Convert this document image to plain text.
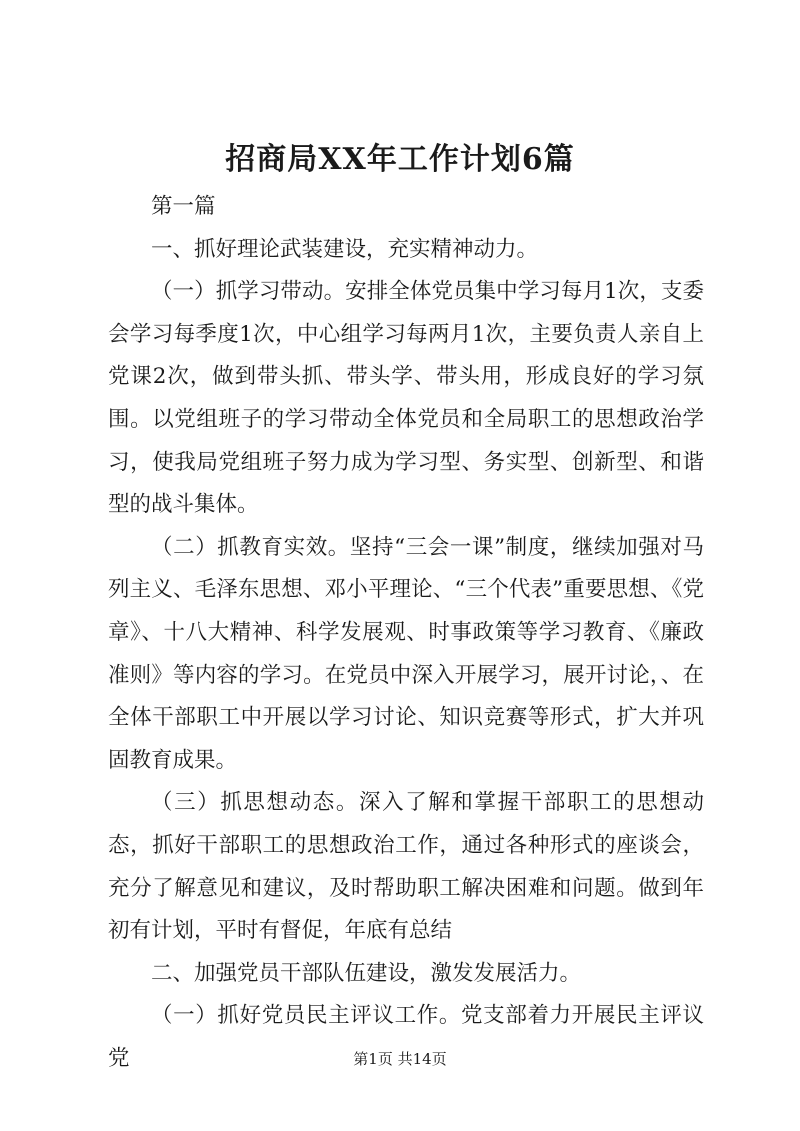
招商局XX年工作计划6篇

第一篇

一、抓好理论武装建设，充实精神动力。

（一）抓学习带动。安排全体党员集中学习每月1次，支委会学习每季度1次，中心组学习每两月1次，主要负责人亲自上党课2次，做到带头抓、带头学、带头用，形成良好的学习氛围。以党组班子的学习带动全体党员和全局职工的思想政治学习，使我局党组班子努力成为学习型、务实型、创新型、和谐型的战斗集体。

（二）抓教育实效。坚持“三会一课”制度，继续加强对马列主义、毛泽东思想、邓小平理论、“三个代表”重要思想、《党章》、十八大精神、科学发展观、时事政策等学习教育、《廉政准则》等内容的学习。在党员中深入开展学习，展开讨论，、在全体干部职工中开展以学习讨论、知识竞赛等形式，扩大并巩固教育成果。

（三）抓思想动态。深入了解和掌握干部职工的思想动态，抓好干部职工的思想政治工作，通过各种形式的座谈会，充分了解意见和建议，及时帮助职工解决困难和问题。做到年初有计划，平时有督促，年底有总结

二、加强党员干部队伍建设，激发发展活力。

（一）抓好党员民主评议工作。党支部着力开展民主评议党	第1页 共14页
